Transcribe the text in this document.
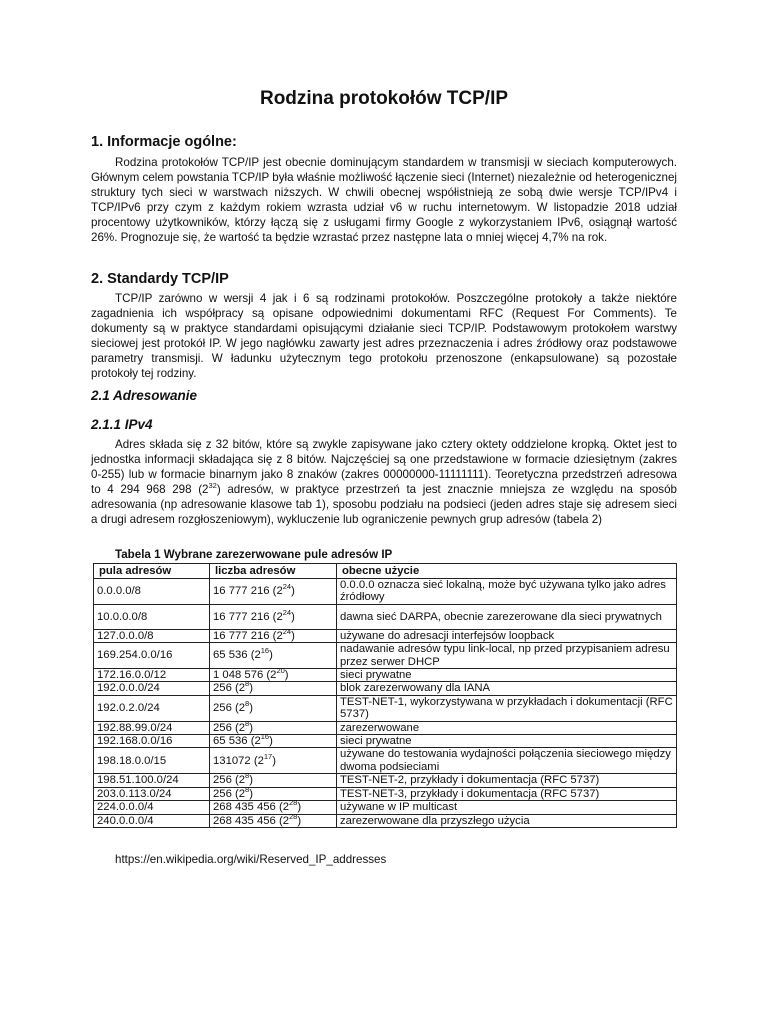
Rodzina protokołów TCP/IP
1. Informacje ogólne:

Rodzina protokołów TCP/IP jest obecnie dominującym standardem w transmisji w sieciach komputerowych. Głównym celem powstania TCP/IP była właśnie możliwość łączenie sieci (Internet) niezależnie od heterogenicznej struktury tych sieci w warstwach niższych. W chwili obecnej współistnieją ze sobą dwie wersje TCP/IPv4 i TCP/IPv6 przy czym z każdym rokiem wzrasta udział v6 w ruchu internetowym. W listopadzie 2018 udział procentowy użytkowników, którzy łączą się z usługami firmy Google z wykorzystaniem IPv6, osiągnął wartość 26%. Prognozuje się, że wartość ta będzie wzrastać przez następne lata o mniej więcej 4,7% na rok.

2. Standardy TCP/IP

TCP/IP zarówno w wersji 4 jak i 6 są rodzinami protokołów. Poszczególne protokoły a także niektóre zagadnienia ich współpracy są opisane odpowiednimi dokumentami RFC (Request For Comments). Te dokumenty są w praktyce standardami opisującymi działanie sieci TCP/IP. Podstawowym protokołem warstwy sieciowej jest protokół IP. W jego nagłówku zawarty jest adres przeznaczenia i adres źródłowy oraz podstawowe parametry transmisji. W ładunku użytecznym tego protokołu przenoszone (enkapsulowane) są pozostałe protokoły tej rodziny.

2.1 Adresowanie
2.1.1 IPv4

Adres składa się z 32 bitów, które są zwykle zapisywane jako cztery oktety oddzielone kropką. Oktet jest to jednostka informacji składająca się z 8 bitów. Najczęściej są one przedstawione w formacie dziesiętnym (zakres 0-255) lub w formacie binarnym jako 8 znaków (zakres 00000000-11111111). Teoretyczna przedstrzeń adresowa to 4 294 968 298 $(2^{32})$ adresów, w praktyce przestrzeń ta jest znacznie mniejsza ze względu na sposób adresowania (np adresowanie klasowe tab 1), sposobu podziału na podsieci (jeden adres staje się adresem sieci a drugi adresem rozgłoszeniowym), wykluczenie lub ograniczenie pewnych grup adresów (tabela 2)

Tabela 1 Wybrane zarezerwowane pule adresów IP

pula adresów	liczba adresów	obecne użycie
0.0.0.0/8	16 777 216 $(2^{24})$	0.0.0.0 oznacza sieć lokalną, może być używana tylko jako adres źródłowy
10.0.0.0/8	16 777 216 $(2^{24})$	dawna sieć DARPA, obecnie zarezerowane dla sieci prywatnych
127.0.0.0/8	16 777 216 $(2^{24})$	używane do adresacji interfejsów loopback
169.254.0.0/16	65 536 $(2^{16})$	nadawanie adresów typu link-local, np przed przypisaniem adresu przez serwer DHCP
172.16.0.0/12	1 048 576 $(2^{20})$	sieci prywatne
192.0.0.0/24	256 $(2^8)$	blok zarezerwowany dla IANA
192.0.2.0/24	256 $(2^8)$	TEST-NET-1, wykorzystywana w przykładach i dokumentacji (RFC 5737)
192.88.99.0/24	256 $(2^8)$	zarezerwowane
192.168.0.0/16	65 536 $(2^{16})$	sieci prywatne
198.18.0.0/15	131072 $(2^{17})$	używane do testowania wydajności połączenia sieciowego między dwoma podsieciami
198.51.100.0/24	256 $(2^8)$	TEST-NET-2, przykłady i dokumentacja (RFC 5737)
203.0.113.0/24	256 $(2^8)$	TEST-NET-3, przykłady i dokumentacja (RFC 5737)
224.0.0.0/4	268 435 456 $(2^{28})$	używane w IP multicast
240.0.0.0/4	268 435 456 $(2^{28})$	zarezerwowane dla przyszłego użycia

https://en.wikipedia.org/wiki/Reserved_IP_addresses
